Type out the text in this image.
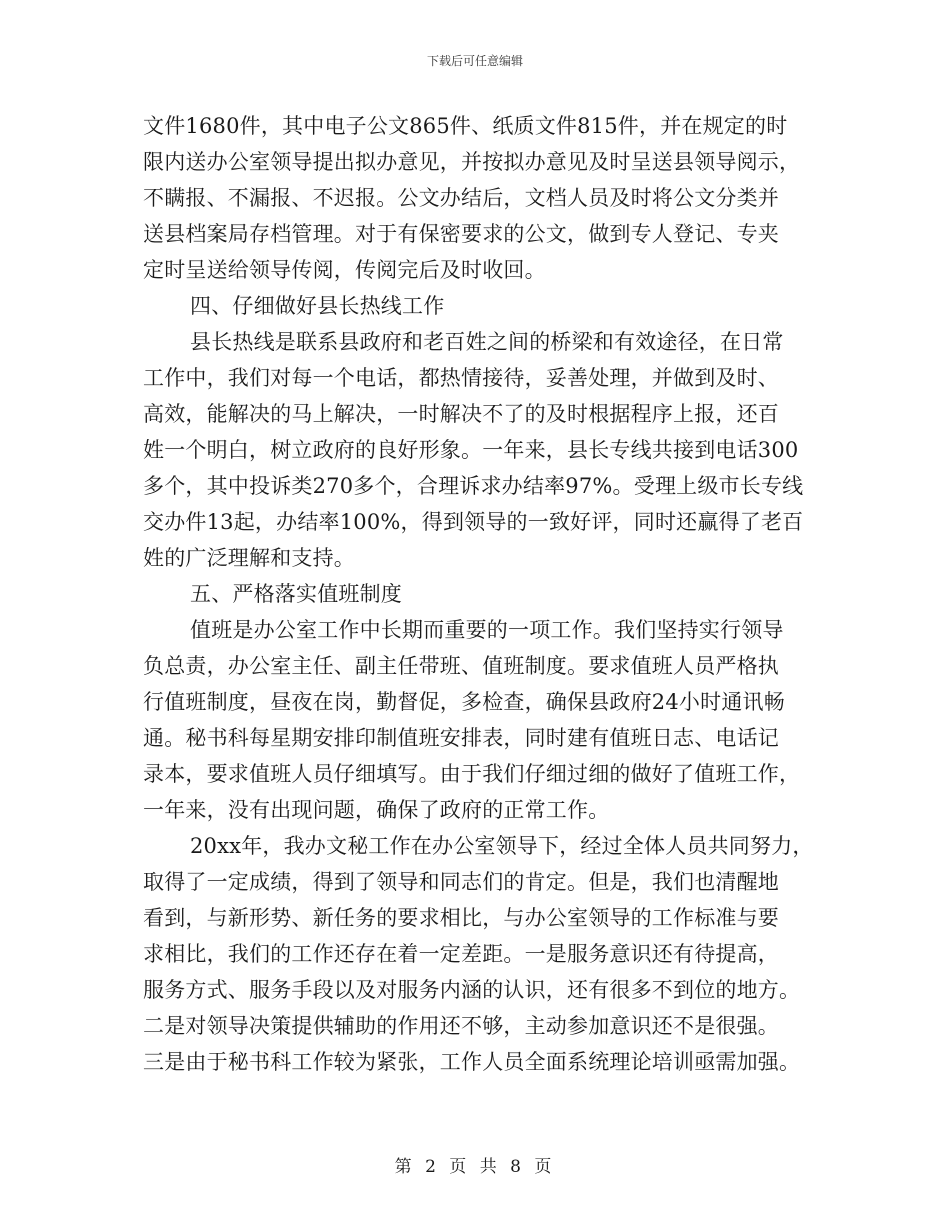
下载后可任意编辑
文件1680件，其中电子公文865件、纸质文件815件，并在规定的时
限内送办公室领导提出拟办意见，并按拟办意见及时呈送县领导阅示，
不瞒报、不漏报、不迟报。公文办结后，文档人员及时将公文分类并
送县档案局存档管理。对于有保密要求的公文，做到专人登记、专夹
定时呈送给领导传阅，传阅完后及时收回。
四、仔细做好县长热线工作
县长热线是联系县政府和老百姓之间的桥梁和有效途径，在日常
工作中，我们对每一个电话，都热情接待，妥善处理，并做到及时、
高效，能解决的马上解决，一时解决不了的及时根据程序上报，还百
姓一个明白，树立政府的良好形象。一年来，县长专线共接到电话300
多个，其中投诉类270多个，合理诉求办结率97%。受理上级市长专线
交办件13起，办结率100%，得到领导的一致好评，同时还赢得了老百
姓的广泛理解和支持。
五、严格落实值班制度
值班是办公室工作中长期而重要的一项工作。我们坚持实行领导
负总责，办公室主任、副主任带班、值班制度。要求值班人员严格执
行值班制度，昼夜在岗，勤督促，多检查，确保县政府24小时通讯畅
通。秘书科每星期安排印制值班安排表，同时建有值班日志、电话记
录本，要求值班人员仔细填写。由于我们仔细过细的做好了值班工作，
一年来，没有出现问题，确保了政府的正常工作。
20xx年，我办文秘工作在办公室领导下，经过全体人员共同努力，
取得了一定成绩，得到了领导和同志们的肯定。但是，我们也清醒地
看到，与新形势、新任务的要求相比，与办公室领导的工作标准与要
求相比，我们的工作还存在着一定差距。一是服务意识还有待提高，
服务方式、服务手段以及对服务内涵的认识，还有很多不到位的地方。
二是对领导决策提供辅助的作用还不够，主动参加意识还不是很强。
三是由于秘书科工作较为紧张，工作人员全面系统理论培训亟需加强。
第 2 页 共 8 页
